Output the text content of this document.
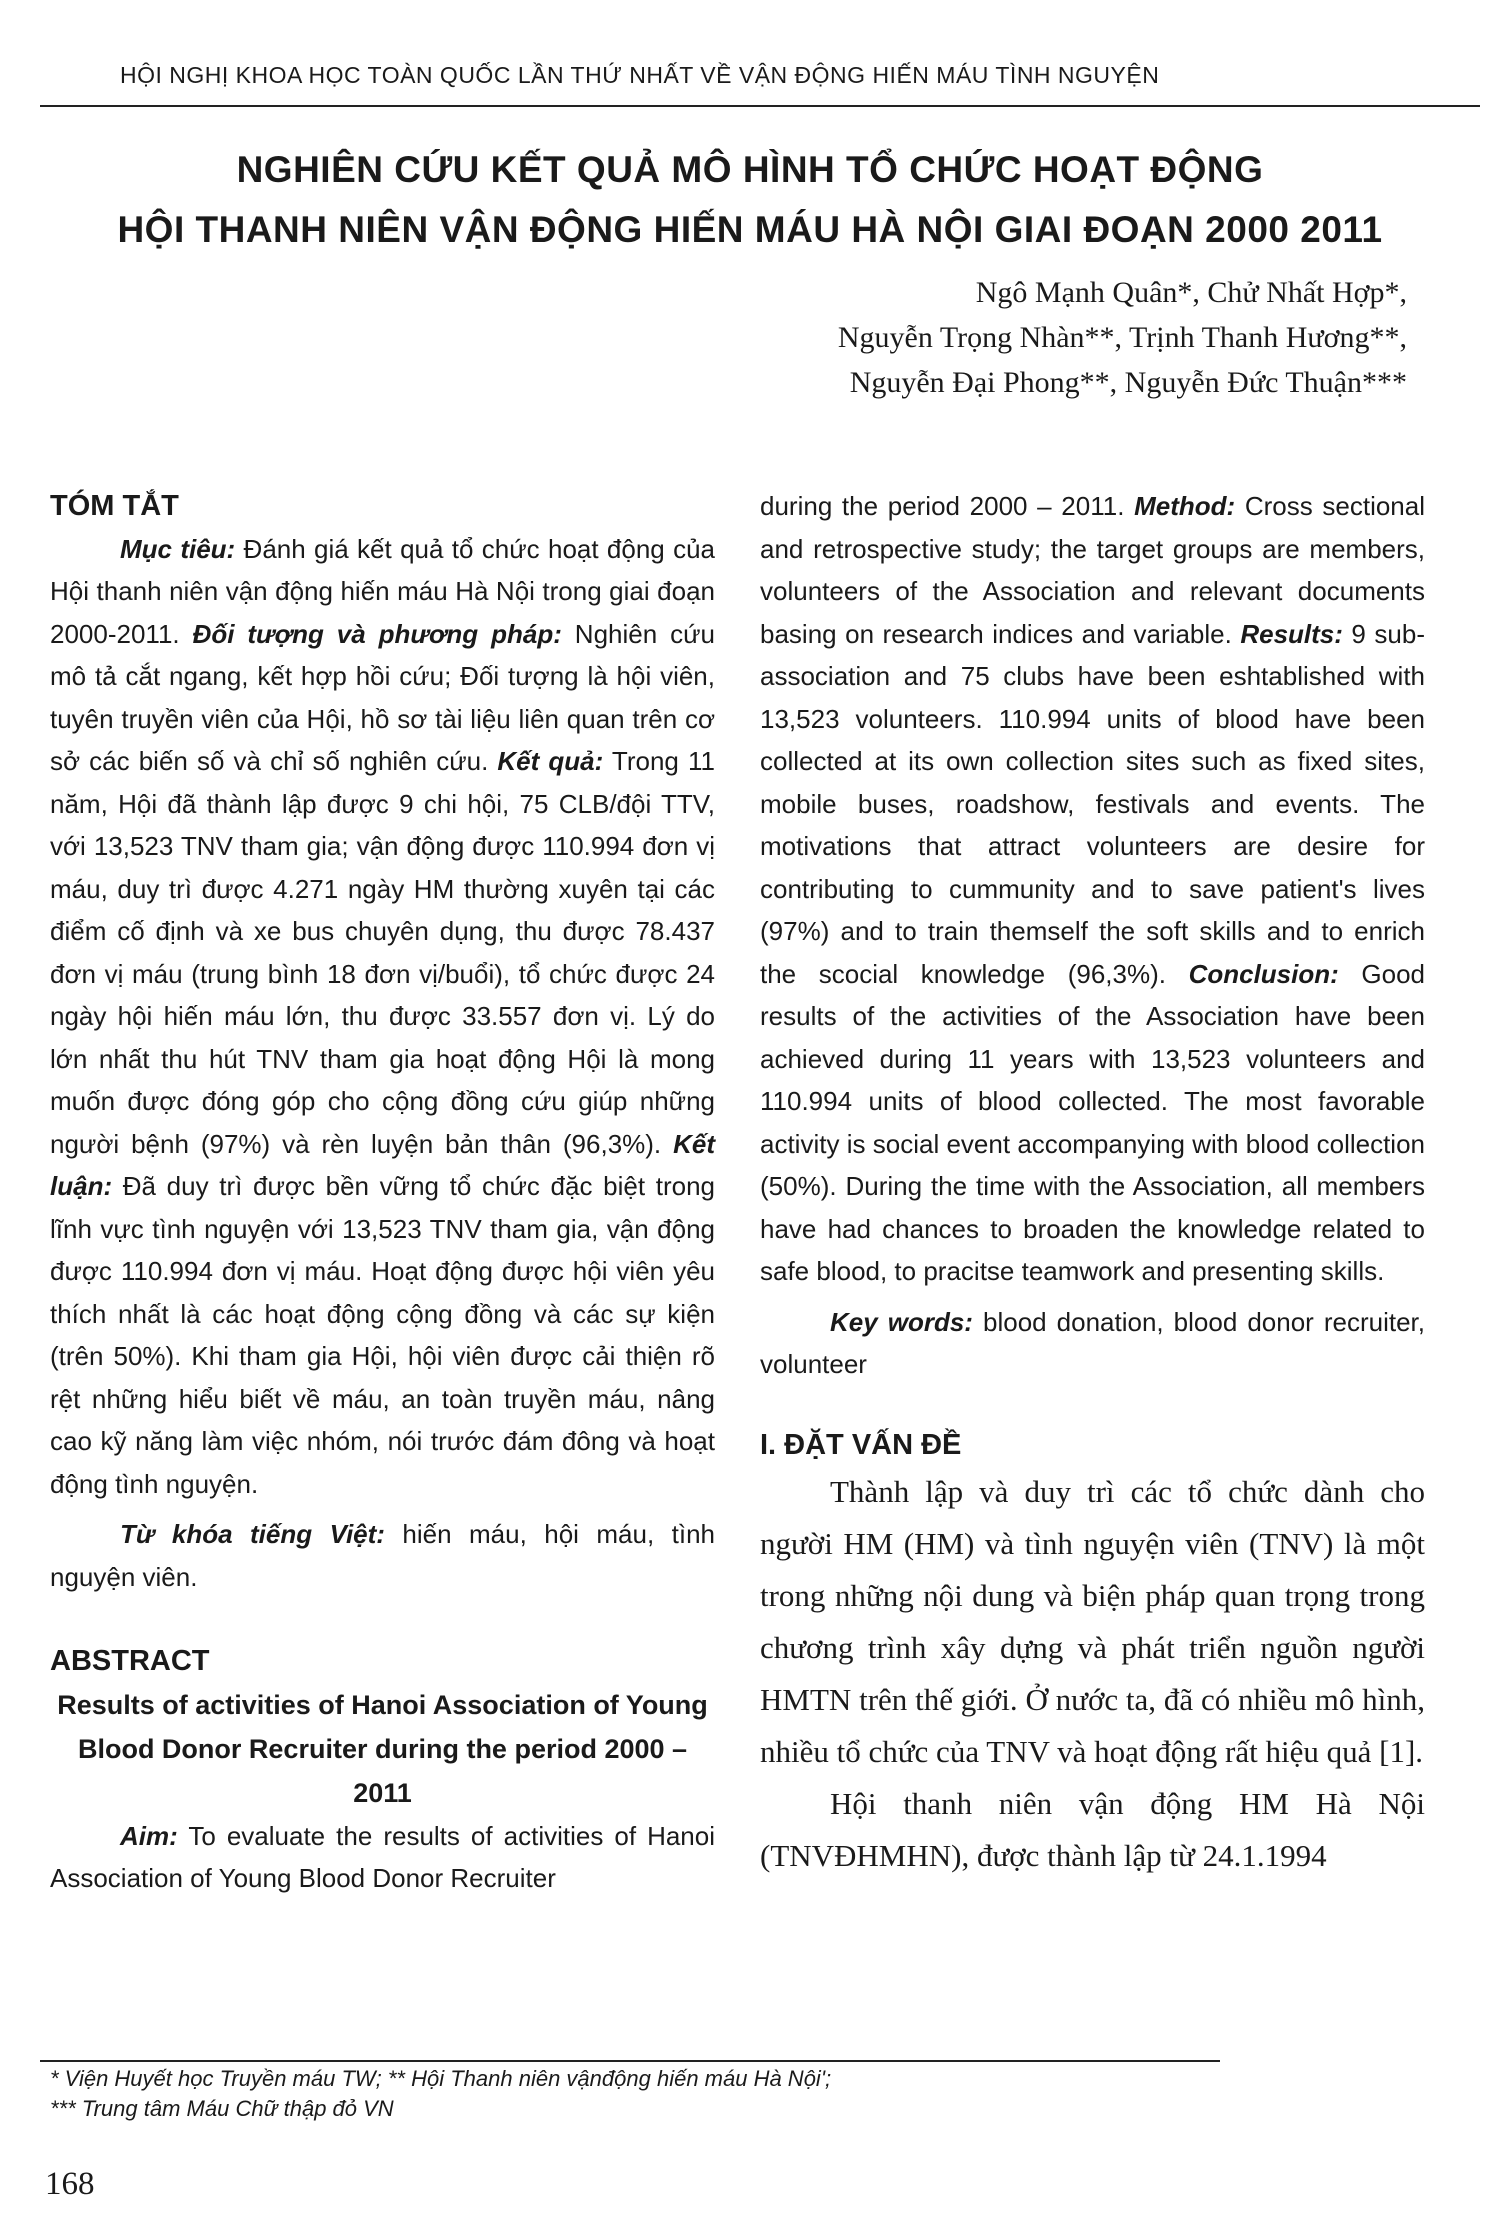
HỘI NGHỊ KHOA HỌC TOÀN QUỐC LẦN THỨ NHẤT VỀ VẬN ĐỘNG HIẾN MÁU TÌNH NGUYỆN
NGHIÊN CỨU KẾT QUẢ MÔ HÌNH TỔ CHỨC HOẠT ĐỘNG
HỘI THANH NIÊN VẬN ĐỘNG HIẾN MÁU HÀ NỘI GIAI ĐOẠN 2000 2011
Ngô Mạnh Quân*, Chử Nhất Hợp*,
Nguyễn Trọng Nhàn**, Trịnh Thanh Hương**,
Nguyễn Đại Phong**, Nguyễn Đức Thuận***
TÓM TẮT

Mục tiêu: Đánh giá kết quả tổ chức hoạt động của Hội thanh niên vận động hiến máu Hà Nội trong giai đoạn 2000-2011. Đối tượng và phương pháp: Nghiên cứu mô tả cắt ngang, kết hợp hồi cứu; Đối tượng là hội viên, tuyên truyền viên của Hội, hồ sơ tài liệu liên quan trên cơ sở các biến số và chỉ số nghiên cứu. Kết quả: Trong 11 năm, Hội đã thành lập được 9 chi hội, 75 CLB/đội TTV, với 13,523 TNV tham gia; vận động được 110.994 đơn vị máu, duy trì được 4.271 ngày HM thường xuyên tại các điểm cố định và xe bus chuyên dụng, thu được 78.437 đơn vị máu (trung bình 18 đơn vị/buổi), tổ chức được 24 ngày hội hiến máu lớn, thu được 33.557 đơn vị. Lý do lớn nhất thu hút TNV tham gia hoạt động Hội là mong muốn được đóng góp cho cộng đồng cứu giúp những người bệnh (97%) và rèn luyện bản thân (96,3%). Kết luận: Đã duy trì được bền vững tổ chức đặc biệt trong lĩnh vực tình nguyện với 13,523 TNV tham gia, vận động được 110.994 đơn vị máu. Hoạt động được hội viên yêu thích nhất là các hoạt động cộng đồng và các sự kiện (trên 50%). Khi tham gia Hội, hội viên được cải thiện rõ rệt những hiểu biết về máu, an toàn truyền máu, nâng cao kỹ năng làm việc nhóm, nói trước đám đông và hoạt động tình nguyện.

Từ khóa tiếng Việt: hiến máu, hội máu, tình nguyện viên.

ABSTRACT
Results of activities of Hanoi Association of Young Blood Donor Recruiter during the period 2000 – 2011

Aim: To evaluate the results of activities of Hanoi Association of Young Blood Donor Recruiter

during the period 2000 – 2011. Method: Cross sectional and retrospective study; the target groups are members, volunteers of the Association and relevant documents basing on research indices and variable. Results: 9 sub-association and 75 clubs have been eshtablished with 13,523 volunteers. 110.994 units of blood have been collected at its own collection sites such as fixed sites, mobile buses, roadshow, festivals and events. The motivations that attract volunteers are desire for contributing to cummunity and to save patient's lives (97%) and to train themself the soft skills and to enrich the scocial knowledge (96,3%). Conclusion: Good results of the activities of the Association have been achieved during 11 years with 13,523 volunteers and 110.994 units of blood collected. The most favorable activity is social event accompanying with blood collection (50%). During the time with the Association, all members have had chances to broaden the knowledge related to safe blood, to pracitse teamwork and presenting skills.

Key words: blood donation, blood donor recruiter, volunteer

I. ĐẶT VẤN ĐỀ

Thành lập và duy trì các tổ chức dành cho người HM (HM) và tình nguyện viên (TNV) là một trong những nội dung và biện pháp quan trọng trong chương trình xây dựng và phát triển nguồn người HMTN trên thế giới. Ở nước ta, đã có nhiều mô hình, nhiều tổ chức của TNV và hoạt động rất hiệu quả [1].

Hội thanh niên vận động HM Hà Nội (TNVĐHMHN), được thành lập từ 24.1.1994

* Viện Huyết học Truyền máu TW; ** Hội Thanh niên vậnđộng hiến máu Hà Nội';
*** Trung tâm Máu Chữ thập đỏ VN
168
